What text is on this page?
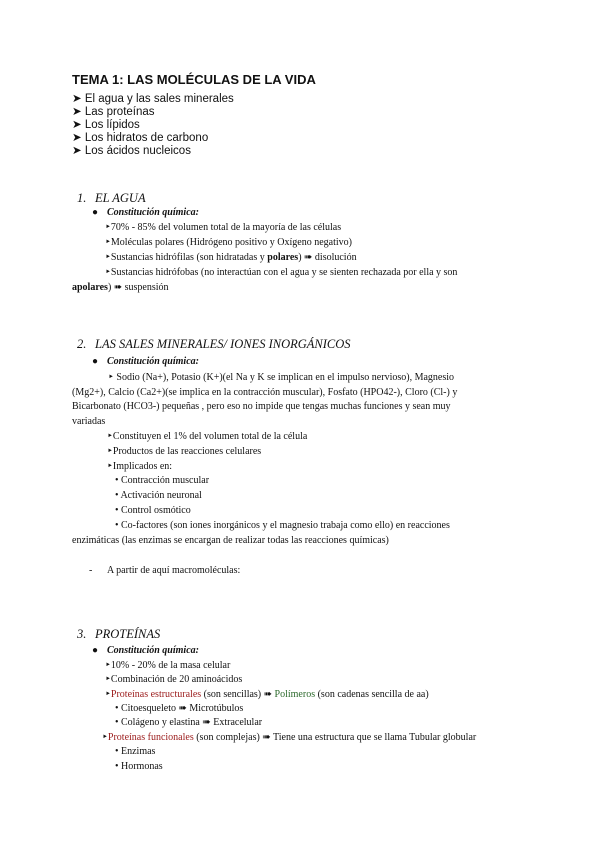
TEMA 1: LAS MOLÉCULAS DE LA VIDA
➤ El agua y las sales minerales
➤ Las proteínas
➤ Los lípidos
➤ Los hidratos de carbono
➤ Los ácidos nucleicos
1. EL AGUA
● Constitución química:
‣70% - 85% del volumen total de la mayoría de las células
‣Moléculas polares (Hidrógeno positivo y Oxígeno negativo)
‣Sustancias hidrófilas (son hidratadas y polares) ➠ disolución
‣Sustancias hidrófobas (no interactúan con el agua y se sienten rechazada por ella y son
apolares) ➠ suspensión
2. LAS SALES MINERALES/ IONES INORGÁNICOS
● Constitución química:
‣ Sodio (Na+), Potasio (K+)(el Na y K se implican en el impulso nervioso), Magnesio
(Mg2+), Calcio (Ca2+)(se implica en la contracción muscular), Fosfato (HPO42-), Cloro (Cl-) y
Bicarbonato (HCO3-) pequeñas , pero eso no impide que tengas muchas funciones y sean muy
variadas
‣Constituyen el 1% del volumen total de la célula
‣Productos de las reacciones celulares
‣Implicados en:
• Contracción muscular
• Activación neuronal
• Control osmótico
• Co-factores (son iones inorgánicos y el magnesio trabaja como ello) en reacciones
enzimáticas (las enzimas se encargan de realizar todas las reacciones químicas)
- A partir de aquí macromoléculas:
3. PROTEÍNAS
● Constitución química:
‣10% - 20% de la masa celular
‣Combinación de 20 aminoácidos
‣Proteínas estructurales (son sencillas) ➠ Polímeros (son cadenas sencilla de aa)
• Citoesqueleto ➠ Microtúbulos
• Colágeno y elastina ➠ Extracelular
‣Proteínas funcionales (son complejas) ➠ Tiene una estructura que se llama Tubular globular
• Enzimas
• Hormonas
